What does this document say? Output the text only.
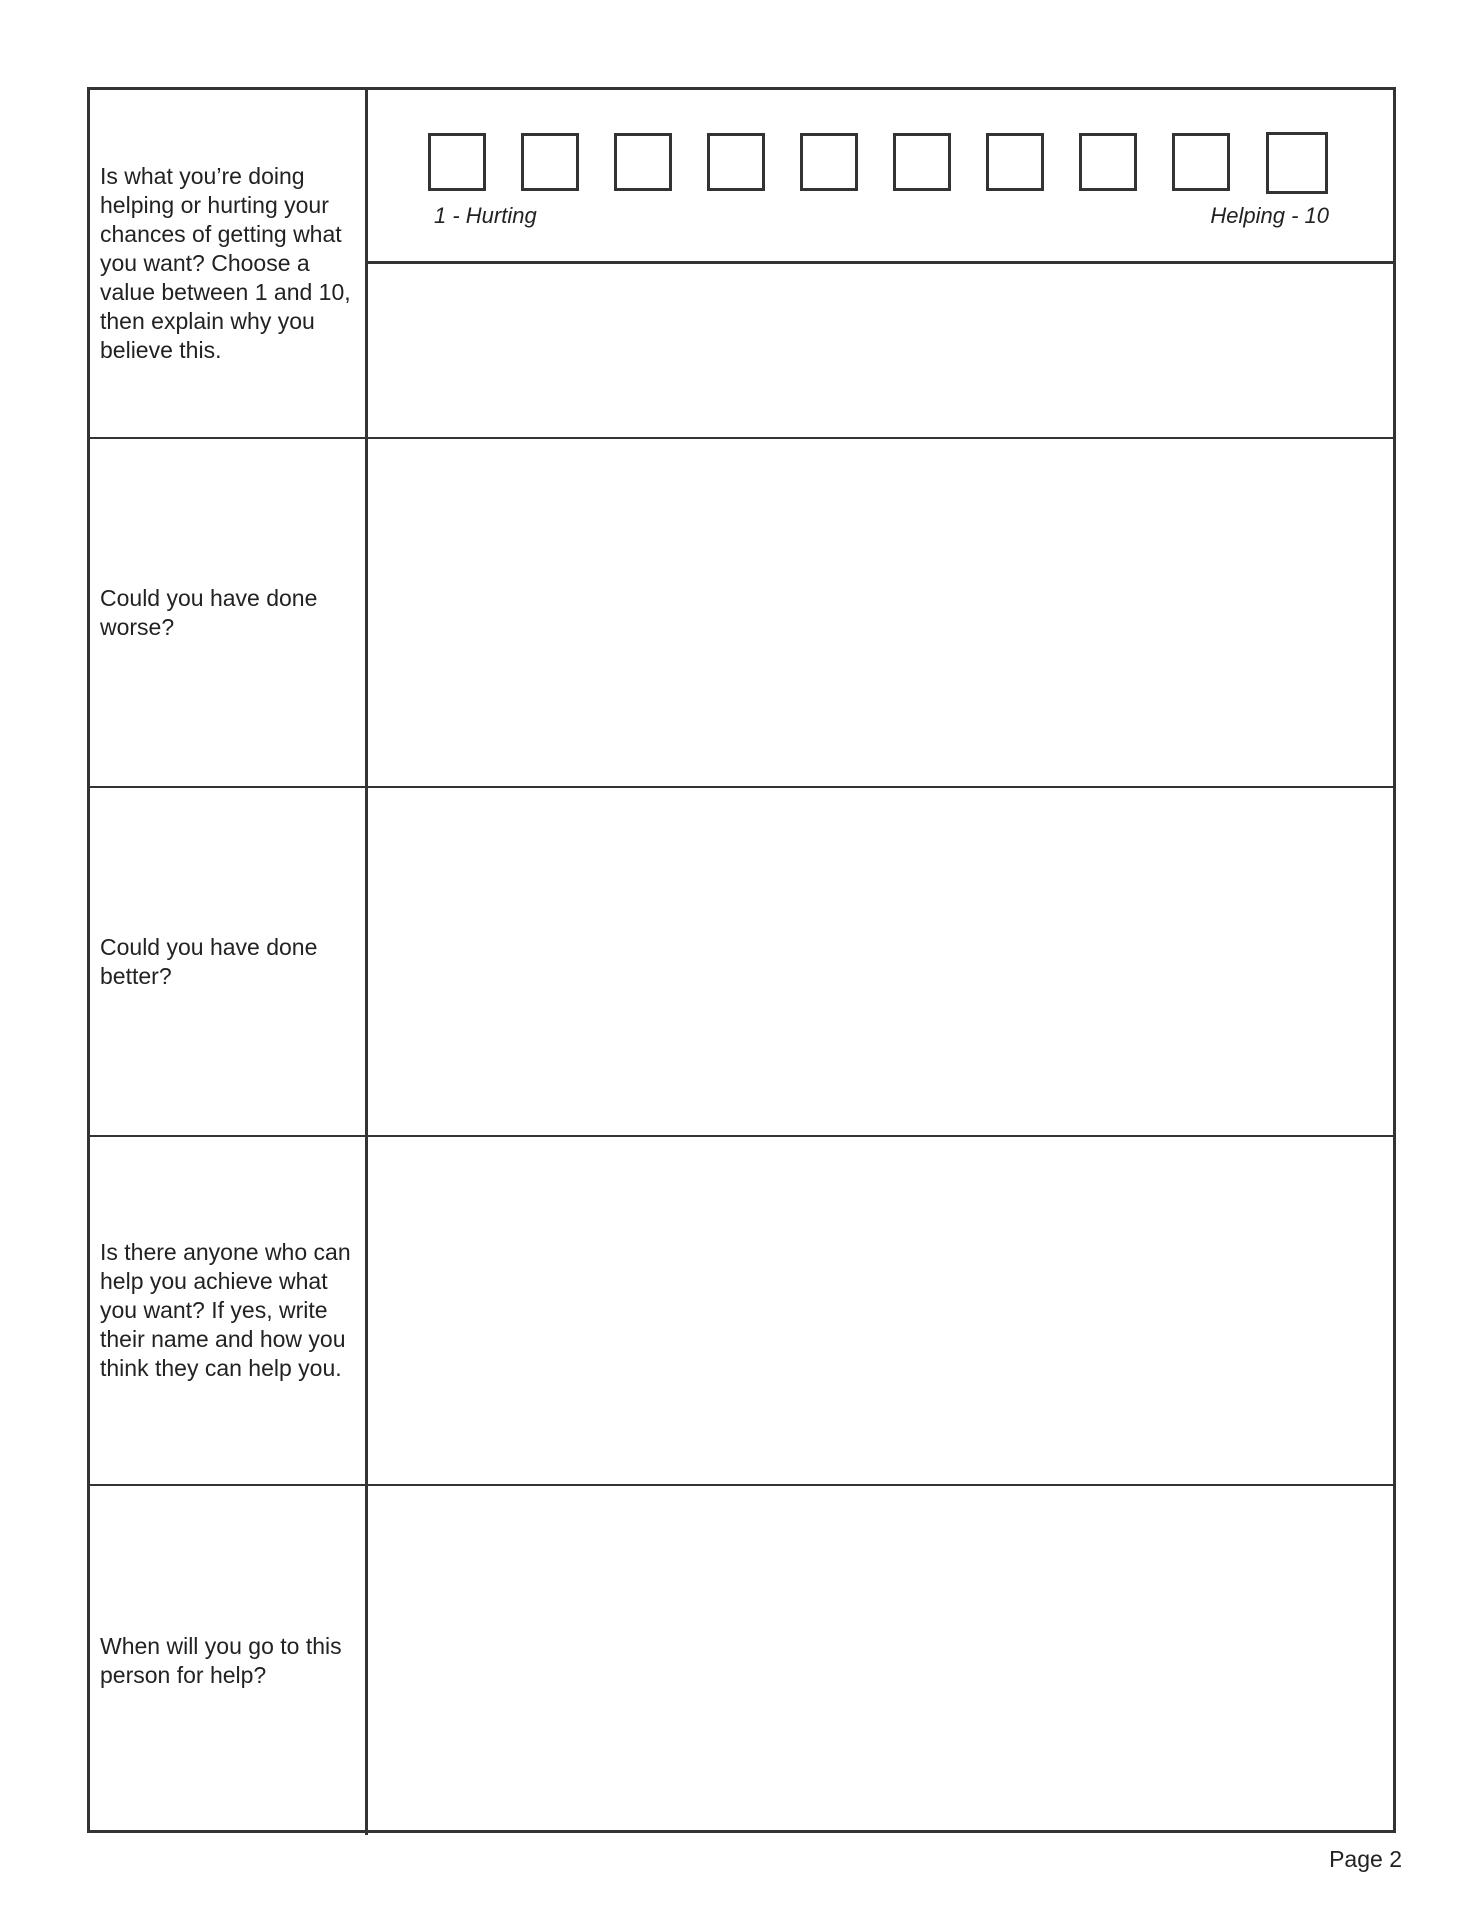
Is what you’re doing helping or hurting your chances of getting what you want? Choose a value between 1 and 10, then explain why you believe this.

1 - Hurting	Helping - 10

Could you have done worse?

Could you have done better?

Is there anyone who can help you achieve what you want? If yes, write their name and how you think they can help you.

When will you go to this person for help?

Page 2
